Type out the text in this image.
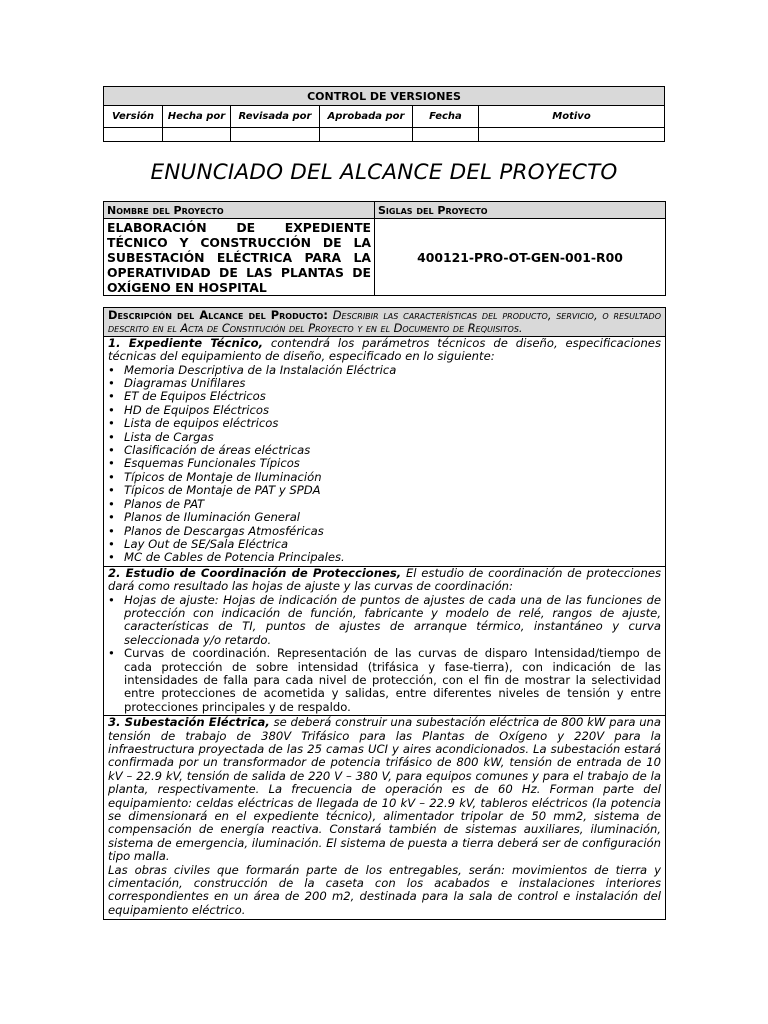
CONTROL DE VERSIONES					
Versión	Hecha por	Revisada por	Aprobada por	Fecha	Motivo

ENUNCIADO DEL ALCANCE DEL PROYECTO
Nombre del Proyecto	Siglas del Proyecto
ELABORACIÓN DE EXPEDIENTE TÉCNICO Y CONSTRUCCIÓN DE LA SUBESTACIÓN ELÉCTRICA PARA LA OPERATIVIDAD DE LAS PLANTAS DE OXÍGENO EN HOSPITAL	400121-PRO-OT-GEN-001-R00
Descripción del Alcance del Producto: Describir las características del producto, servicio, o resultado descrito en el Acta de Constitución del Proyecto y en el Documento de Requisitos.

1. Expediente Técnico, contendrá los parámetros técnicos de diseño, especificaciones técnicas del equipamiento de diseño, especificado en lo siguiente:

• Memoria Descriptiva de la Instalación Eléctrica
• Diagramas Unifilares
• ET de Equipos Eléctricos
• HD de Equipos Eléctricos
• Lista de equipos eléctricos
• Lista de Cargas
• Clasificación de áreas eléctricas
• Esquemas Funcionales Típicos
• Típicos de Montaje de Iluminación
• Típicos de Montaje de PAT y SPDA
• Planos de PAT
• Planos de Iluminación General
• Planos de Descargas Atmosféricas
• Lay Out de SE/Sala Eléctrica
• MC de Cables de Potencia Principales.

2. Estudio de Coordinación de Protecciones, El estudio de coordinación de protecciones dará como resultado las hojas de ajuste y las curvas de coordinación:

• Hojas de ajuste: Hojas de indicación de puntos de ajustes de cada una de las funciones de protección con indicación de función, fabricante y modelo de relé, rangos de ajuste, características de TI, puntos de ajustes de arranque térmico, instantáneo y curva seleccionada y/o retardo.
• Curvas de coordinación. Representación de las curvas de disparo Intensidad/tiempo de cada protección de sobre intensidad (trifásica y fase-tierra), con indicación de las intensidades de falla para cada nivel de protección, con el fin de mostrar la selectividad entre protecciones de acometida y salidas, entre diferentes niveles de tensión y entre protecciones principales y de respaldo.

3. Subestación Eléctrica, se deberá construir una subestación eléctrica de 800 kW para una tensión de trabajo de 380V Trifásico para las Plantas de Oxígeno y 220V para la infraestructura proyectada de las 25 camas UCI y aires acondicionados. La subestación estará confirmada por un transformador de potencia trifásico de 800 kW, tensión de entrada de 10 kV – 22.9 kV, tensión de salida de 220 V – 380 V, para equipos comunes y para el trabajo de la planta, respectivamente. La frecuencia de operación es de 60 Hz. Forman parte del equipamiento: celdas eléctricas de llegada de 10 kV – 22.9 kV, tableros eléctricos (la potencia se dimensionará en el expediente técnico), alimentador tripolar de 50 mm2, sistema de compensación de energía reactiva. Constará también de sistemas auxiliares, iluminación, sistema de emergencia, iluminación. El sistema de puesta a tierra deberá ser de configuración tipo malla.

Las obras civiles que formarán parte de los entregables, serán: movimientos de tierra y cimentación, construcción de la caseta con los acabados e instalaciones interiores correspondientes en un área de 200 m2, destinada para la sala de control e instalación del equipamiento eléctrico.
